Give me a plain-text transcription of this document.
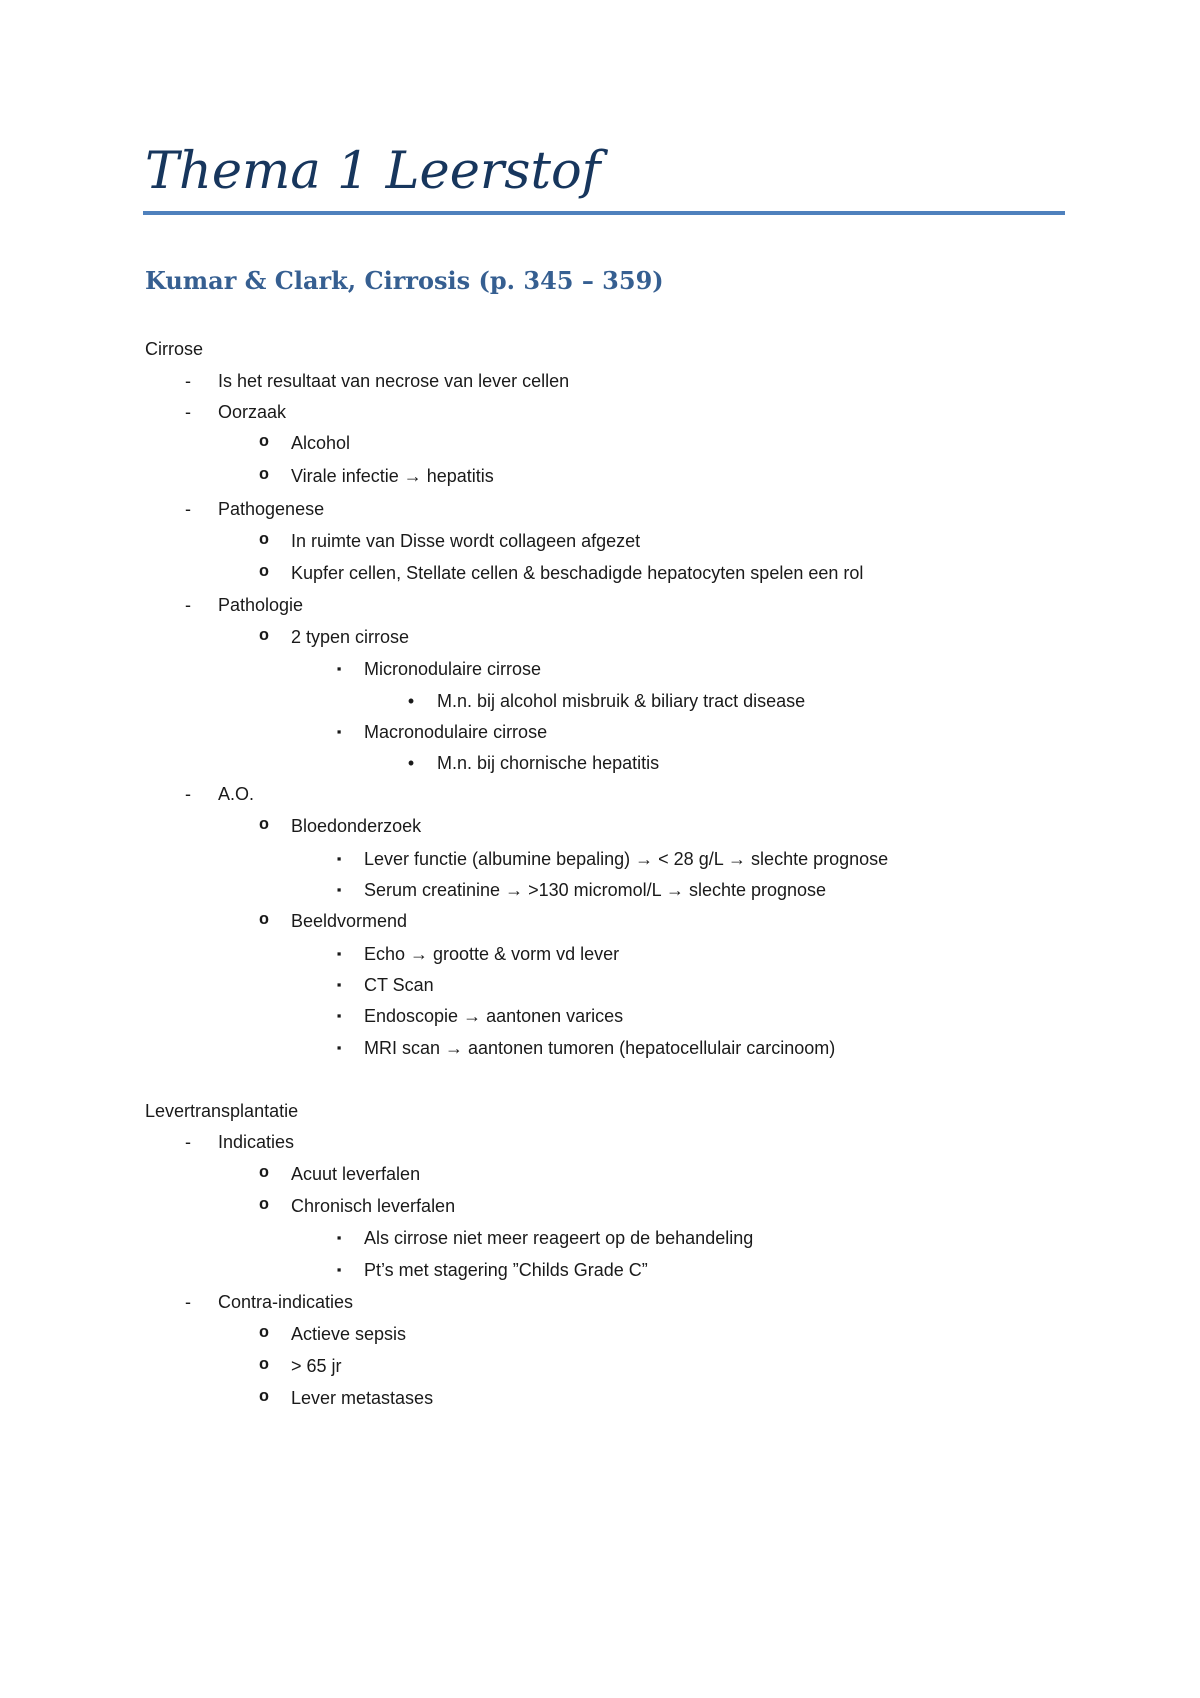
Thema 1 Leerstof
Kumar & Clark, Cirrosis (p. 345 – 359)
Cirrose
-	Is het resultaat van necrose van lever cellen
-	Oorzaak
o Alcohol
o Virale infectie → hepatitis
-	Pathogenese
o In ruimte van Disse wordt collageen afgezet
o Kupfer cellen, Stellate cellen & beschadigde hepatocyten spelen een rol
-	Pathologie
o 2 typen cirrose
▪	Micronodulaire cirrose
•	M.n. bij alcohol misbruik & biliary tract disease
▪	Macronodulaire cirrose
•	M.n. bij chornische hepatitis
-	A.O.
o Bloedonderzoek
▪	Lever functie (albumine bepaling) → < 28 g/L → slechte prognose
▪	Serum creatinine → >130 micromol/L → slechte prognose
o Beeldvormend
▪	Echo → grootte & vorm vd lever
▪	CT Scan
▪	Endoscopie → aantonen varices
▪	MRI scan → aantonen tumoren (hepatocellulair carcinoom)
Levertransplantatie
-	Indicaties
o Acuut leverfalen
o Chronisch leverfalen
▪	Als cirrose niet meer reageert op de behandeling
▪	Pt’s met stagering ”Childs Grade C”
-	Contra-indicaties
o Actieve sepsis
o > 65 jr
o Lever metastases
